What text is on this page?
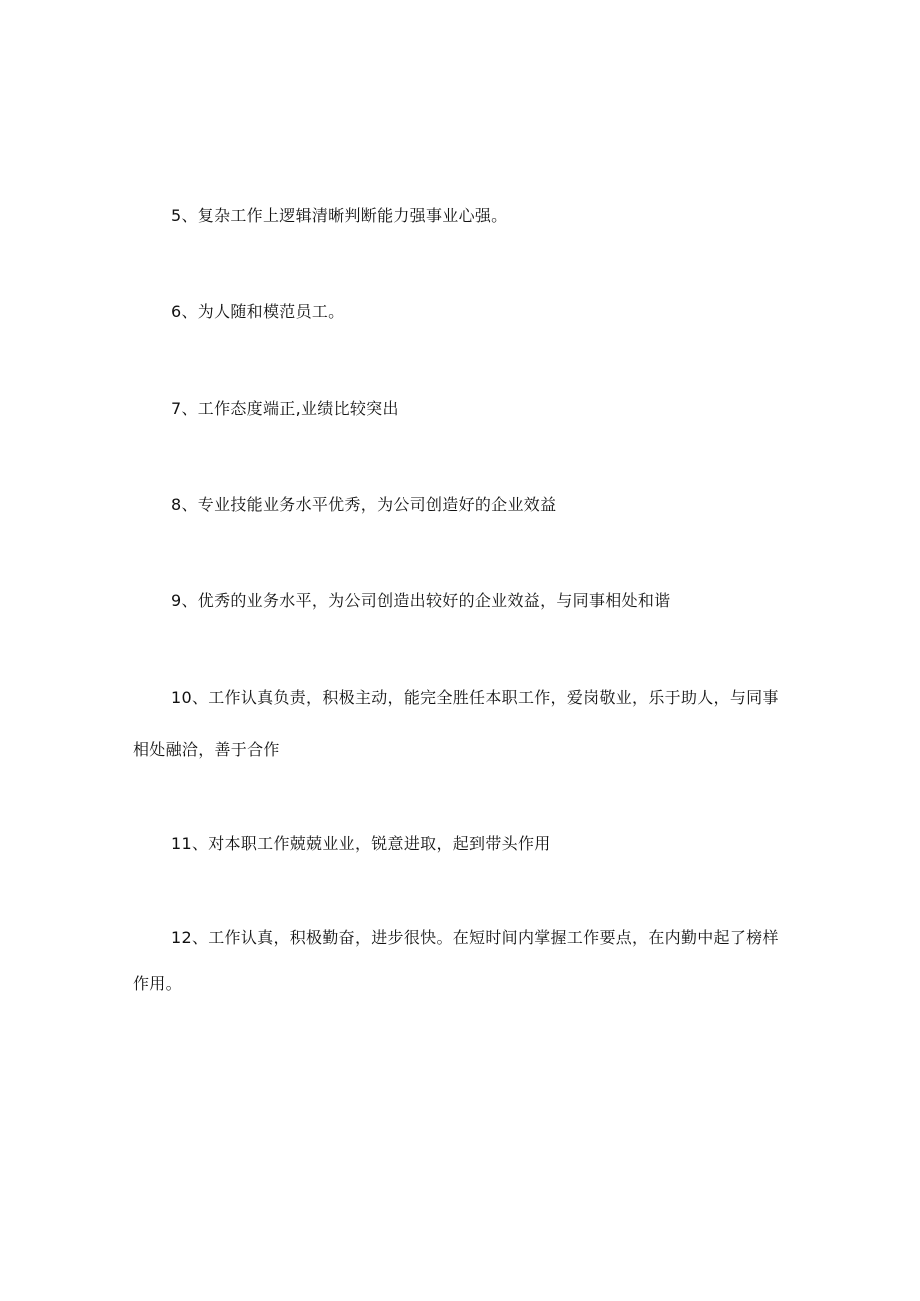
5、复杂工作上逻辑清晰判断能力强事业心强。

6、为人随和模范员工。

7、工作态度端正,业绩比较突出

8、专业技能业务水平优秀，为公司创造好的企业效益

9、优秀的业务水平，为公司创造出较好的企业效益，与同事相处和谐

10、工作认真负责，积极主动，能完全胜任本职工作，爱岗敬业，乐于助人，与同事相处融洽，善于合作

11、对本职工作兢兢业业，锐意进取，起到带头作用

12、工作认真，积极勤奋，进步很快。在短时间内掌握工作要点，在内勤中起了榜样作用。
